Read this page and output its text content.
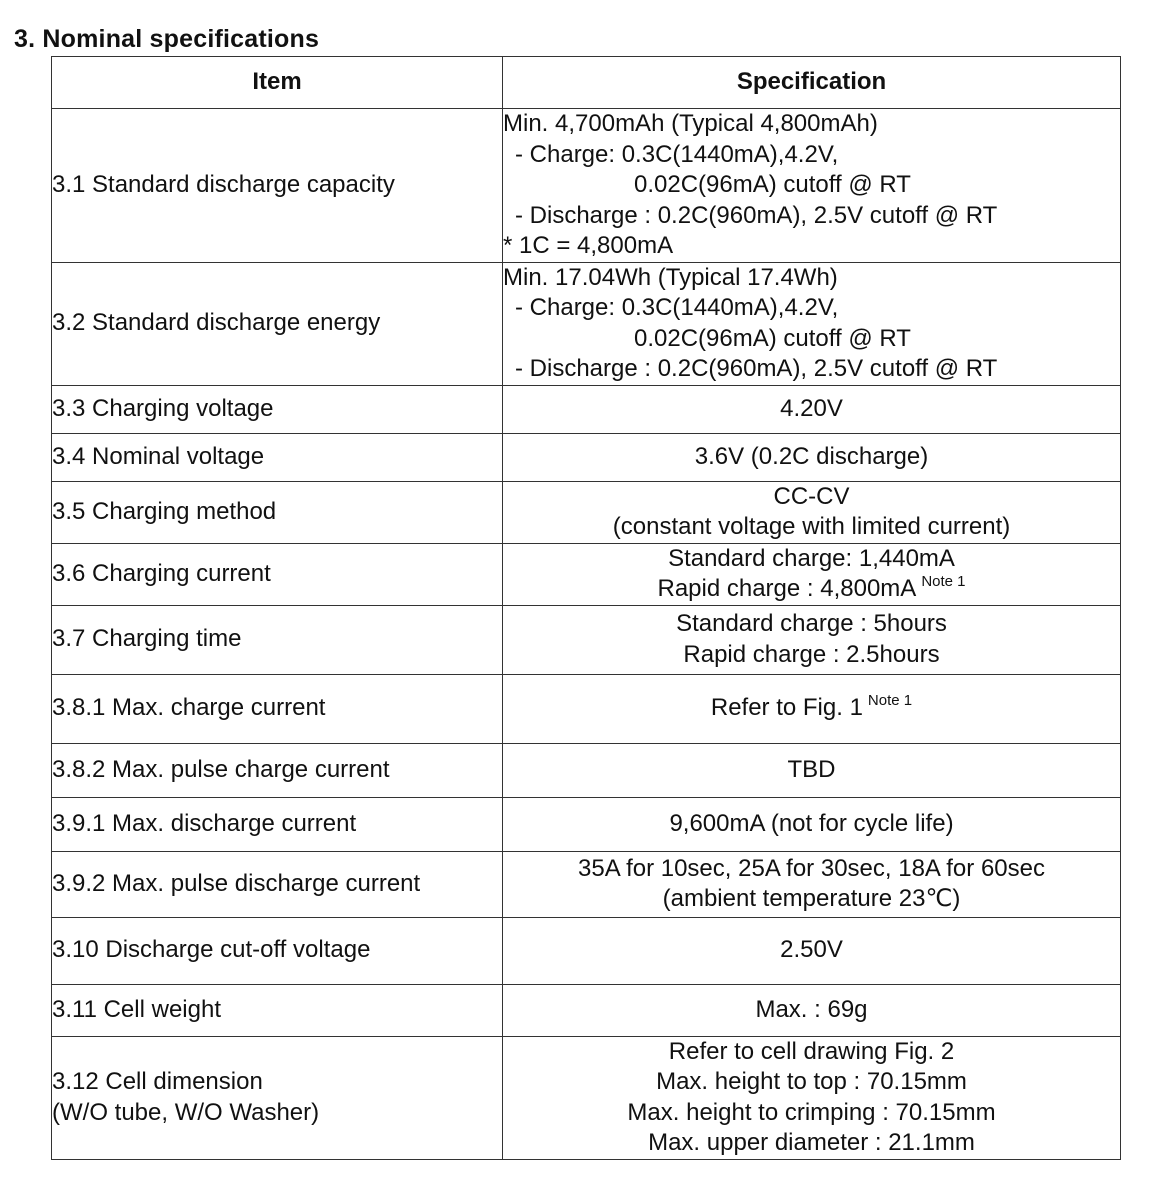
3. Nominal specifications
Item	Specification

3.1 Standard discharge capacity	Min. 4,700mAh (Typical 4,800mAh)
- Charge: 0.3C(1440mA),4.2V,
0.02C(96mA) cutoff @ RT
- Discharge : 0.2C(960mA), 2.5V cutoff @ RT
* 1C = 4,800mA

3.2 Standard discharge energy	Min. 17.04Wh (Typical 17.4Wh)
- Charge: 0.3C(1440mA),4.2V,
0.02C(96mA) cutoff @ RT
- Discharge : 0.2C(960mA), 2.5V cutoff @ RT

3.3 Charging voltage	4.20V

3.4 Nominal voltage	3.6V (0.2C discharge)

3.5 Charging method	CC-CV
(constant voltage with limited current)

3.6 Charging current	Standard charge: 1,440mA
Rapid charge : 4,800mA $^{Note 1}$

3.7 Charging time	Standard charge : 5hours
Rapid charge : 2.5hours

3.8.1 Max. charge current	Refer to Fig. 1 $^{Note 1}$

3.8.2 Max. pulse charge current	TBD

3.9.1 Max. discharge current	9,600mA (not for cycle life)

3.9.2 Max. pulse discharge current	35A for 10sec, 25A for 30sec, 18A for 60sec
(ambient temperature 23℃)

3.10 Discharge cut-off voltage	2.50V

3.11 Cell weight	Max. : 69g

3.12 Cell dimension
(W/O tube, W/O Washer)	Refer to cell drawing Fig. 2
Max. height to top : 70.15mm
Max. height to crimping : 70.15mm
Max. upper diameter : 21.1mm
